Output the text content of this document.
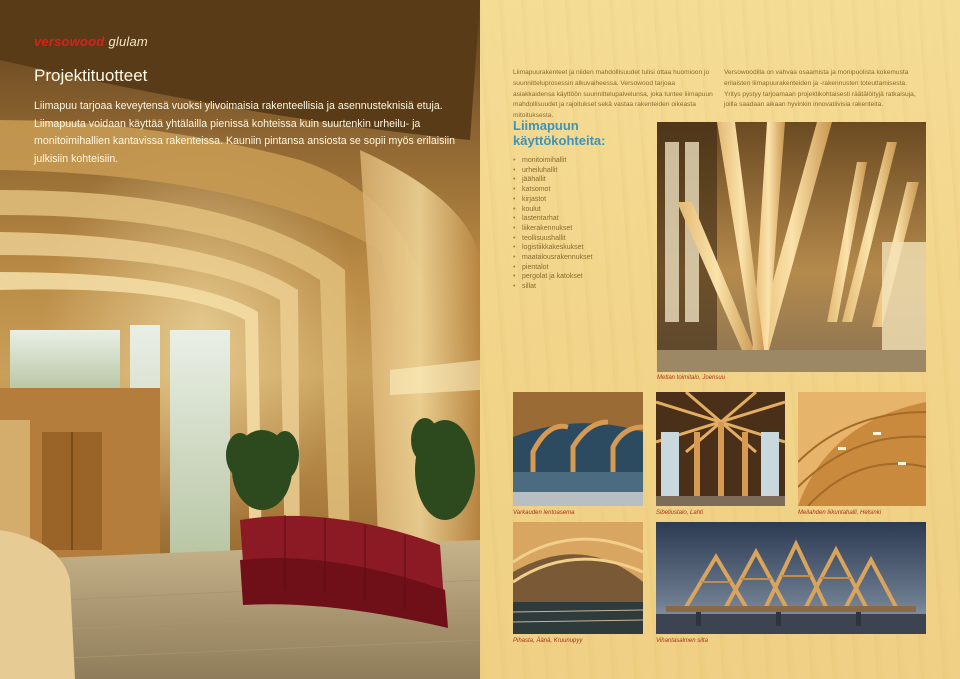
versowood glulam
Projektituotteet

Liimapuu tarjoaa keveytensä vuoksi ylivoimaisia rakenteellisia ja asennusteknisiä etuja. Liimapuuta voidaan käyttää yhtälailla pienissä kohteissa kuin suurtenkin urheilu- ja monitoimihallien kantavissa rakenteissa. Kauniin pintansa ansiosta se sopii myös erilaisiin julkisiin kohteisiin.

Liimapuurakenteet ja niiden mahdollisuudet tulisi ottaa huomioon jo suunnitteluprosessin alkuvaiheessa. Versowood tarjoaa asiakkaidensa käyttöön suunnittelupalvelunsa, joka tuntee liimapuun mahdollisuudet ja rajoitukset sekä vastaa rakenteiden oikeasta mitoituksesta.

Versowoodilla on vahvaa osaamista ja monipuolista kokemusta erilaisten liimapuurakenteiden ja -rakennusten toteuttamisesta. Yritys pystyy tarjoamaan projektikohtaisesti räätälöityjä ratkaisuja, joilla saadaan aikaan hyvinkin innovatiivisia rakenteita.

Liimapuun käyttökohteita:
• monitoimihallit
• urheiluhallit
• jäähallit
• katsomot
• kirjastot
• koulut
• lastentarhat
• liikerakennukset
• teollisuushallit
• logistiikkakeskukset
• maatalousrakennukset
• pientalot
• pergolat ja katokset
• sillat
Metlan toimitalo, Joensuu
Varkauden lentoasema	Sibeliustalo, Lahti	Meilahden liikuntahalli, Helsinki
Pihasta, Äänä, Kruunupyy	Vihantasalmen silta
